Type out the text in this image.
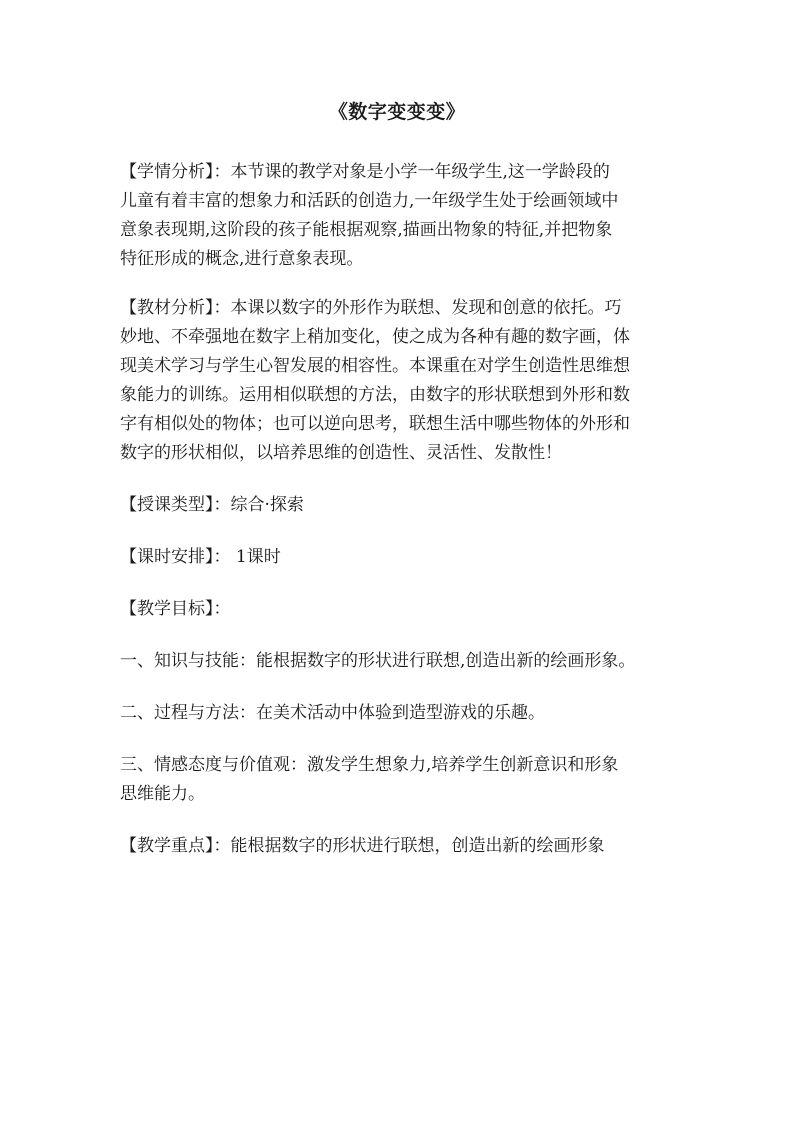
《数字变变变》

【学情分析】：本节课的教学对象是小学一年级学生,这一学龄段的
儿童有着丰富的想象力和活跃的创造力,一年级学生处于绘画领域中
意象表现期,这阶段的孩子能根据观察,描画出物象的特征,并把物象
特征形成的概念,进行意象表现。

【教材分析】：本课以数字的外形作为联想、发现和创意的依托。巧
妙地、不牵强地在数字上稍加变化，使之成为各种有趣的数字画，体
现美术学习与学生心智发展的相容性。本课重在对学生创造性思维想
象能力的训练。运用相似联想的方法，由数字的形状联想到外形和数
字有相似处的物体；也可以逆向思考，联想生活中哪些物体的外形和
数字的形状相似，以培养思维的创造性、灵活性、发散性！

【授课类型】：综合·探索

【课时安排】： 1课时

【教学目标】：

一、知识与技能：能根据数字的形状进行联想,创造出新的绘画形象。

二、过程与方法：在美术活动中体验到造型游戏的乐趣。

三、情感态度与价值观：激发学生想象力,培养学生创新意识和形象
思维能力。

【教学重点】：能根据数字的形状进行联想，创造出新的绘画形象
